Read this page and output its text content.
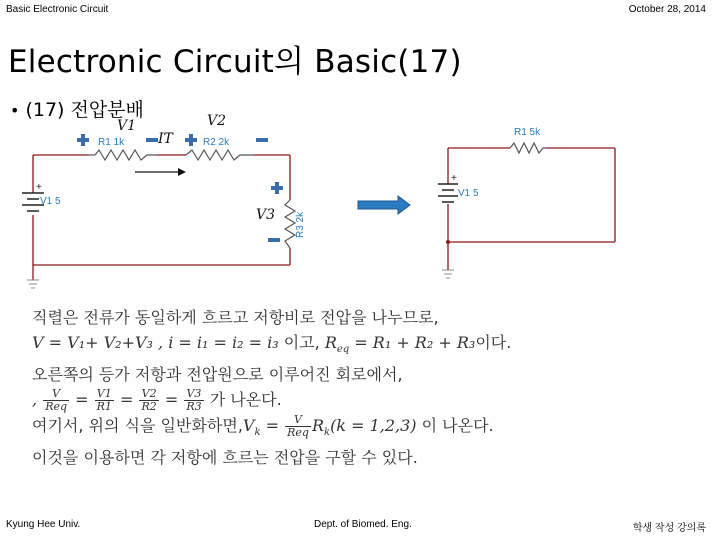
Basic Electronic Circuit	October 28, 2014
Electronic Circuit의 Basic(17)
• (17) 전압분배
+
R1 1k	R2 2k
V1 5
R3 2k
V1	V2
V3
IT
+
R1 5k
V1 5
직렬은 전류가 동일하게 흐르고 저항비로 전압을 나누므로,
V = V₁+ V₂+V₃ , i = i₁ = i₂ = i₃ 이고, $R_{eq} = R_1 + R_2 + R_3$이다.
오른쪽의 등가 저항과 전압원으로 이루어진 회로에서,
, $\frac{V}{\text{Req}} = \frac{V1}{R1} = \frac{V2}{R2} = \frac{V3}{R3}$ 가 나온다.
여기서, 위의 식을 일반화하면$,V_k = \frac{V}{\text{Req}} R_k(k = 1,2,3)$ 이 나온다.
이것을 이용하면 각 저항에 흐르는 전압을 구할 수 있다.
Kyung Hee Univ.	Dept. of Biomed. Eng.	학생 작성 강의록
